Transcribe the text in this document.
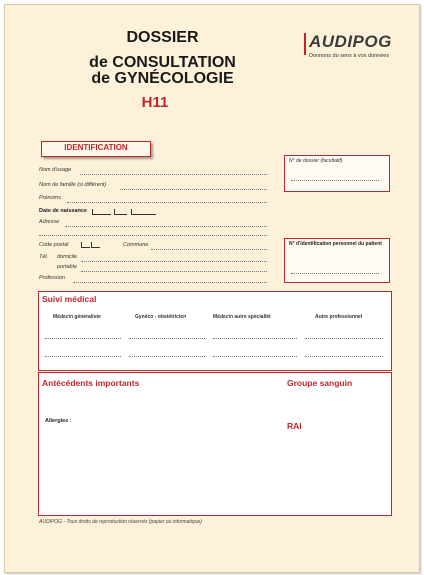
DOSSIER
de CONSULTATION
de GYNÉCOLOGIE
H11
AUDIPOG
Donnons du sens à vos données
IDENTIFICATION
Nom d'usage
Nom de famille (si différent)
Prénoms
Date de naissance
Adresse
Code postal	Commune
Tél. domicile
portable
Profession
N° de dossier (facultatif)
N° d'identification personnel du patient
Suivi médical
Médecin généraliste	Gynéco - obstétricien	Médecin autre spécialité	Autre professionnel
Antécédents importants	Groupe sanguin
Allergies :	RAI
AUDIPOG - Tous droits de reproduction réservés (papier ou informatique)
